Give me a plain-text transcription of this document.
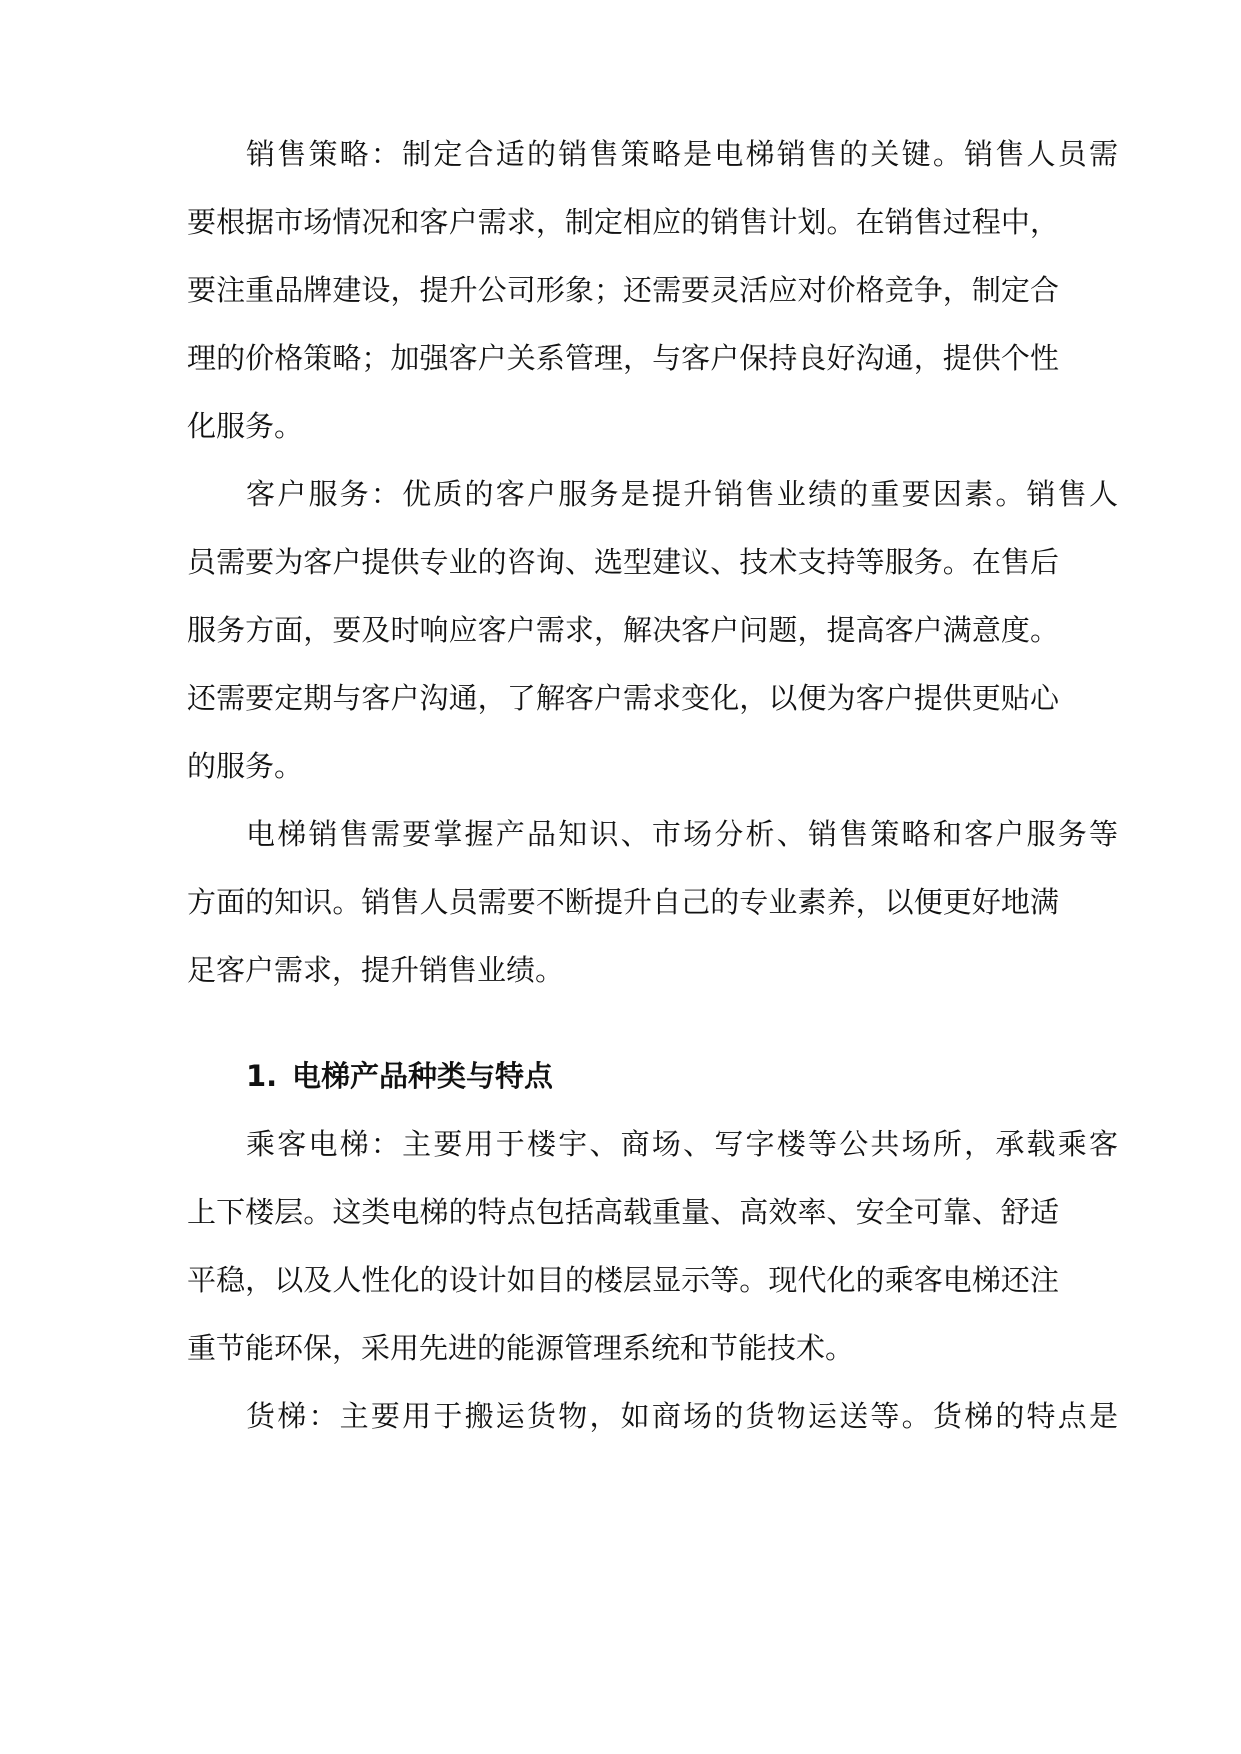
销售策略：制定合适的销售策略是电梯销售的关键。销售人员需
要根据市场情况和客户需求，制定相应的销售计划。在销售过程中，
要注重品牌建设，提升公司形象；还需要灵活应对价格竞争，制定合
理的价格策略；加强客户关系管理，与客户保持良好沟通，提供个性
化服务。
客户服务：优质的客户服务是提升销售业绩的重要因素。销售人
员需要为客户提供专业的咨询、选型建议、技术支持等服务。在售后
服务方面，要及时响应客户需求，解决客户问题，提高客户满意度。
还需要定期与客户沟通，了解客户需求变化，以便为客户提供更贴心
的服务。
电梯销售需要掌握产品知识、市场分析、销售策略和客户服务等
方面的知识。销售人员需要不断提升自己的专业素养，以便更好地满
足客户需求，提升销售业绩。
1. 电梯产品种类与特点
乘客电梯：主要用于楼宇、商场、写字楼等公共场所，承载乘客
上下楼层。这类电梯的特点包括高载重量、高效率、安全可靠、舒适
平稳，以及人性化的设计如目的楼层显示等。现代化的乘客电梯还注
重节能环保，采用先进的能源管理系统和节能技术。
货梯：主要用于搬运货物，如商场的货物运送等。货梯的特点是
